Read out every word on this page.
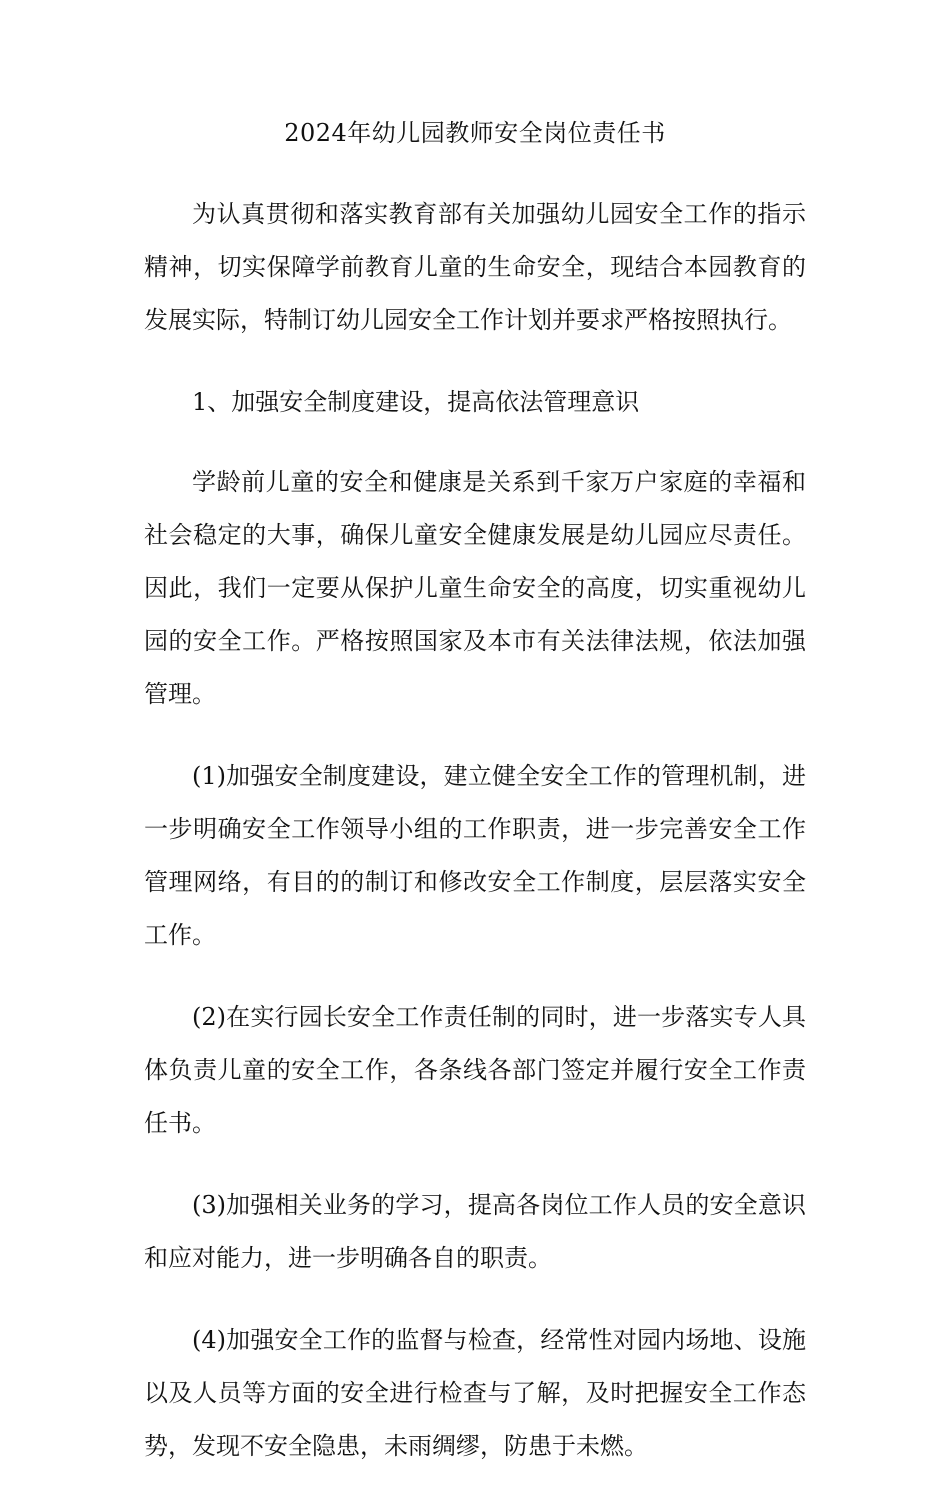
2024年幼儿园教师安全岗位责任书

为认真贯彻和落实教育部有关加强幼儿园安全工作的指示精神，切实保障学前教育儿童的生命安全，现结合本园教育的发展实际，特制订幼儿园安全工作计划并要求严格按照执行。

1、加强安全制度建设，提高依法管理意识

学龄前儿童的安全和健康是关系到千家万户家庭的幸福和社会稳定的大事，确保儿童安全健康发展是幼儿园应尽责任。因此，我们一定要从保护儿童生命安全的高度，切实重视幼儿园的安全工作。严格按照国家及本市有关法律法规，依法加强管理。

(1)加强安全制度建设，建立健全安全工作的管理机制，进一步明确安全工作领导小组的工作职责，进一步完善安全工作管理网络，有目的的制订和修改安全工作制度，层层落实安全工作。

(2)在实行园长安全工作责任制的同时，进一步落实专人具体负责儿童的安全工作，各条线各部门签定并履行安全工作责任书。

(3)加强相关业务的学习，提高各岗位工作人员的安全意识和应对能力，进一步明确各自的职责。

(4)加强安全工作的监督与检查，经常性对园内场地、设施以及人员等方面的安全进行检查与了解，及时把握安全工作态势，发现不安全隐患，未雨绸缪，防患于未燃。
